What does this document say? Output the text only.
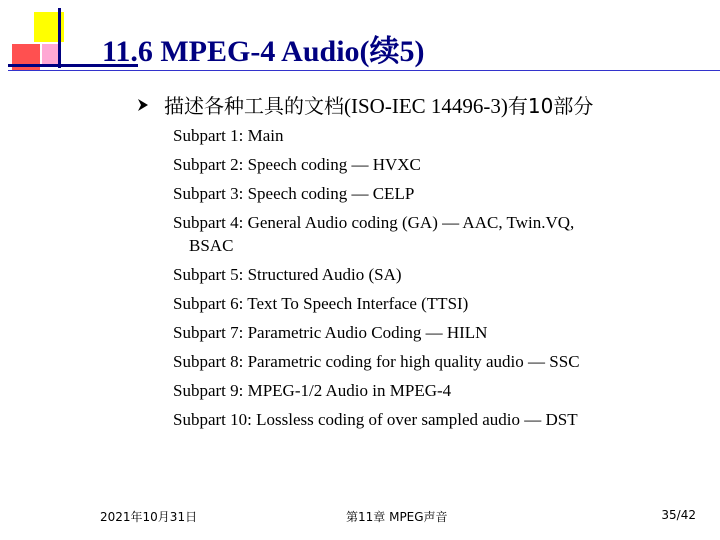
11.6 MPEG-4 Audio(续5)
描述各种工具的文档(ISO-IEC 14496-3)有10部分
Subpart 1: Main
Subpart 2: Speech coding — HVXC
Subpart 3: Speech coding — CELP
Subpart 4: General Audio coding (GA) — AAC, Twin.VQ,
BSAC
Subpart 5: Structured Audio (SA)
Subpart 6: Text To Speech Interface (TTSI)
Subpart 7: Parametric Audio Coding — HILN
Subpart 8: Parametric coding for high quality audio — SSC
Subpart 9: MPEG-1/2 Audio in MPEG-4
Subpart 10: Lossless coding of over sampled audio — DST
2021年10月31日	第11章 MPEG声音	35/42
